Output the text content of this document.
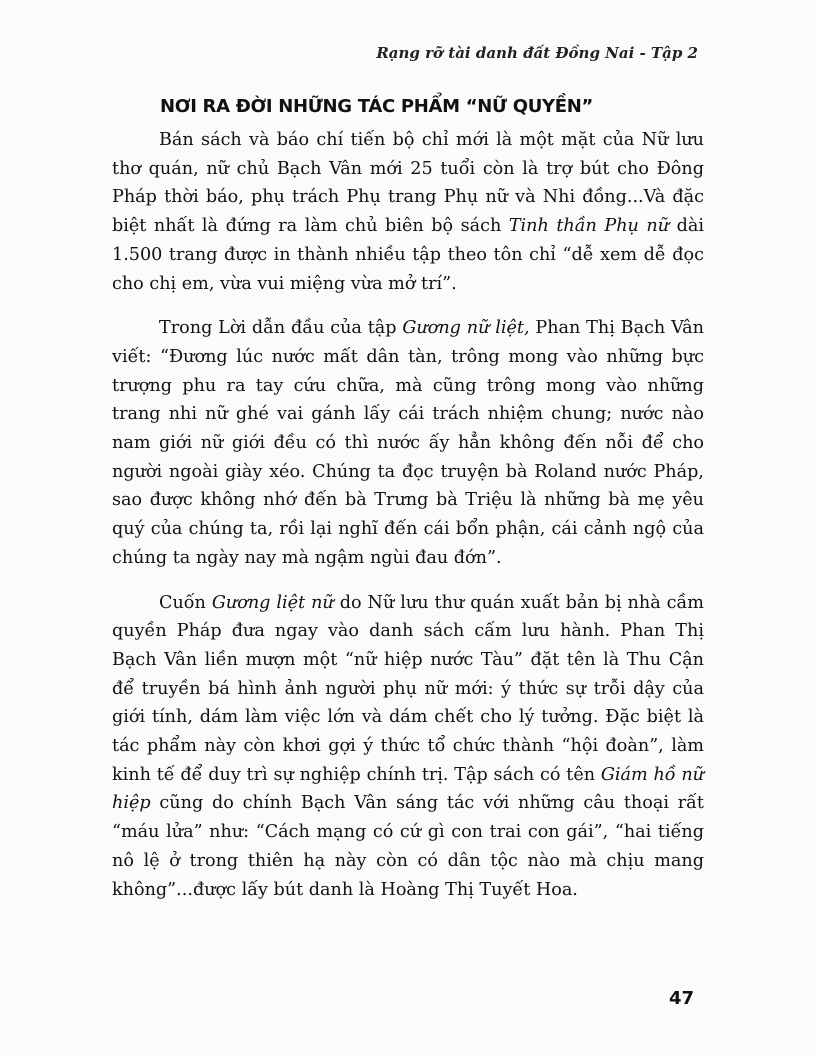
Rạng rỡ tài danh đất Đồng Nai - Tập 2
NƠI RA ĐỜI NHỮNG TÁC PHẨM “NỮ QUYỀN”

Bán sách và báo chí tiến bộ chỉ mới là một mặt của Nữ lưu thơ quán, nữ chủ Bạch Vân mới 25 tuổi còn là trợ bút cho Đông Pháp thời báo, phụ trách Phụ trang Phụ nữ và Nhi đồng...Và đặc biệt nhất là đứng ra làm chủ biên bộ sách Tinh thần Phụ nữ dài 1.500 trang được in thành nhiều tập theo tôn chỉ “dễ xem dễ đọc cho chị em, vừa vui miệng vừa mở trí”.

Trong Lời dẫn đầu của tập Gương nữ liệt, Phan Thị Bạch Vân viết: “Đương lúc nước mất dân tàn, trông mong vào những bực trượng phu ra tay cứu chữa, mà cũng trông mong vào những trang nhi nữ ghé vai gánh lấy cái trách nhiệm chung; nước nào nam giới nữ giới đều có thì nước ấy hẳn không đến nỗi để cho người ngoài giày xéo. Chúng ta đọc truyện bà Roland nước Pháp, sao được không nhớ đến bà Trưng bà Triệu là những bà mẹ yêu quý của chúng ta, rồi lại nghĩ đến cái bổn phận, cái cảnh ngộ của chúng ta ngày nay mà ngậm ngùi đau đớn”.

Cuốn Gương liệt nữ do Nữ lưu thư quán xuất bản bị nhà cầm quyền Pháp đưa ngay vào danh sách cấm lưu hành. Phan Thị Bạch Vân liền mượn một “nữ hiệp nước Tàu” đặt tên là Thu Cận để truyền bá hình ảnh người phụ nữ mới: ý thức sự trỗi dậy của giới tính, dám làm việc lớn và dám chết cho lý tưởng. Đặc biệt là tác phẩm này còn khơi gợi ý thức tổ chức thành “hội đoàn”, làm kinh tế để duy trì sự nghiệp chính trị. Tập sách có tên Giám hồ nữ hiệp cũng do chính Bạch Vân sáng tác với những câu thoại rất “máu lửa” như: “Cách mạng có cứ gì con trai con gái”, “hai tiếng nô lệ ở trong thiên hạ này còn có dân tộc nào mà chịu mang không”...được lấy bút danh là Hoàng Thị Tuyết Hoa.

47
